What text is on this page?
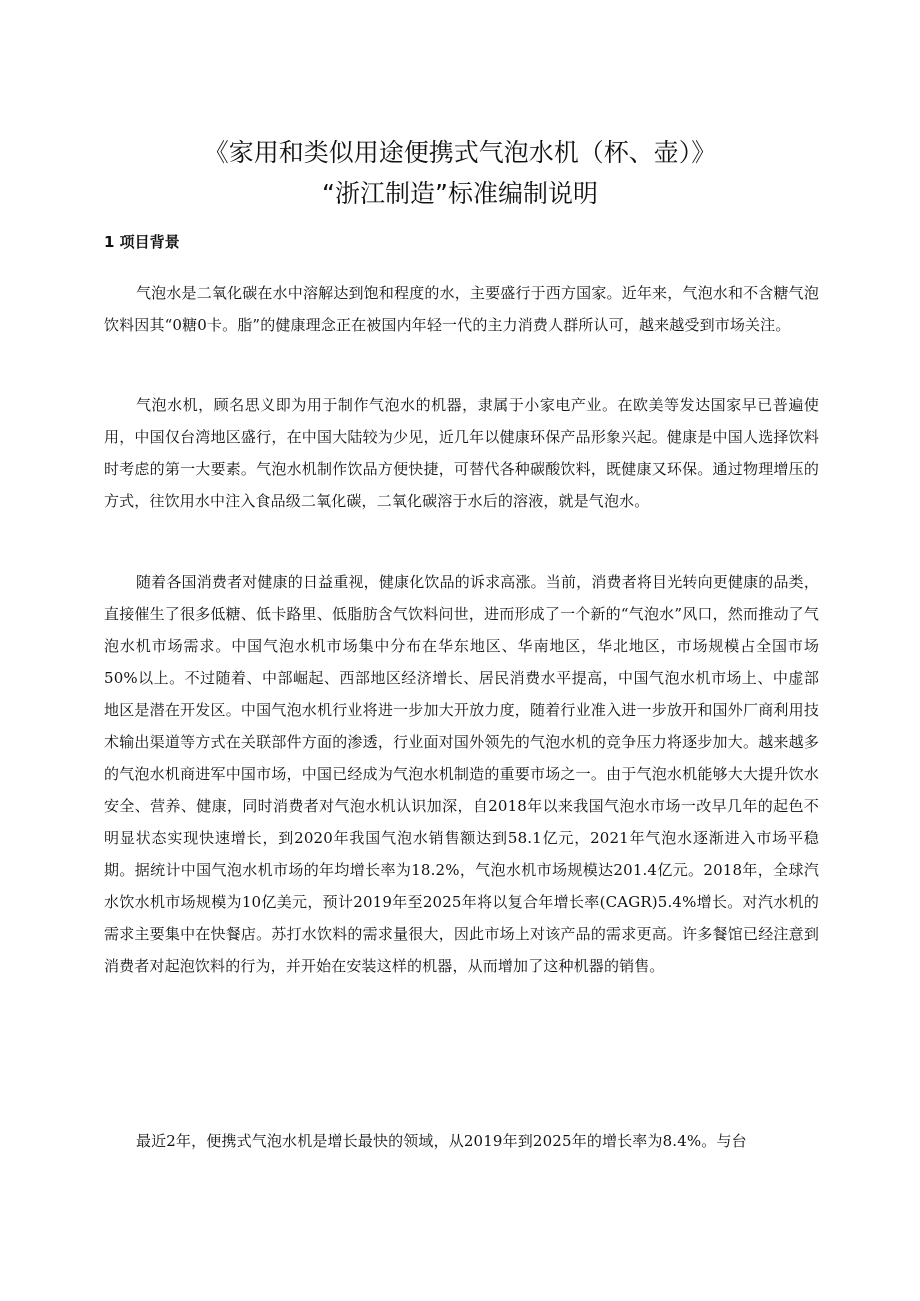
《家用和类似用途便携式气泡水机（杯、壶）》
“浙江制造”标准编制说明
1 项目背景

气泡水是二氧化碳在水中溶解达到饱和程度的水，主要盛行于西方国家。近年来，气泡水和不含糖气泡饮料因其“0糖0卡。脂”的健康理念正在被国内年轻一代的主力消费人群所认可，越来越受到市场关注。

气泡水机，顾名思义即为用于制作气泡水的机器，隶属于小家电产业。在欧美等发达国家早已普遍使用，中国仅台湾地区盛行，在中国大陆较为少见，近几年以健康环保产品形象兴起。健康是中国人选择饮料时考虑的第一大要素。气泡水机制作饮品方便快捷，可替代各种碳酸饮料，既健康又环保。通过物理增压的方式，往饮用水中注入食品级二氧化碳，二氧化碳溶于水后的溶液，就是气泡水。

随着各国消费者对健康的日益重视，健康化饮品的诉求高涨。当前，消费者将目光转向更健康的品类，直接催生了很多低糖、低卡路里、低脂肪含气饮料问世，进而形成了一个新的“气泡水”风口，然而推动了气泡水机市场需求。中国气泡水机市场集中分布在华东地区、华南地区，华北地区，市场规模占全国市场50%以上。不过随着、中部崛起、西部地区经济增长、居民消费水平提高，中国气泡水机市场上、中虚部地区是潜在开发区。中国气泡水机行业将进一步加大开放力度，随着行业准入进一步放开和国外厂商利用技术输出渠道等方式在关联部件方面的渗透，行业面对国外领先的气泡水机的竞争压力将逐步加大。越来越多的气泡水机商进军中国市场，中国已经成为气泡水机制造的重要市场之一。由于气泡水机能够大大提升饮水安全、营养、健康，同时消费者对气泡水机认识加深，自2018年以来我国气泡水市场一改早几年的起色不明显状态实现快速增长，到2020年我国气泡水销售额达到58.1亿元，2021年气泡水逐渐进入市场平稳期。据统计中国气泡水机市场的年均增长率为18.2%，气泡水机市场规模达201.4亿元。2018年，全球汽水饮水机市场规模为10亿美元，预计2019年至2025年将以复合年增长率(CAGR)5.4%增长。对汽水机的需求主要集中在快餐店。苏打水饮料的需求量很大，因此市场上对该产品的需求更高。许多餐馆已经注意到消费者对起泡饮料的行为，并开始在安装这样的机器，从而增加了这种机器的销售。

最近2年，便携式气泡水机是增长最快的领域，从2019年到2025年的增长率为8.4%。与台
